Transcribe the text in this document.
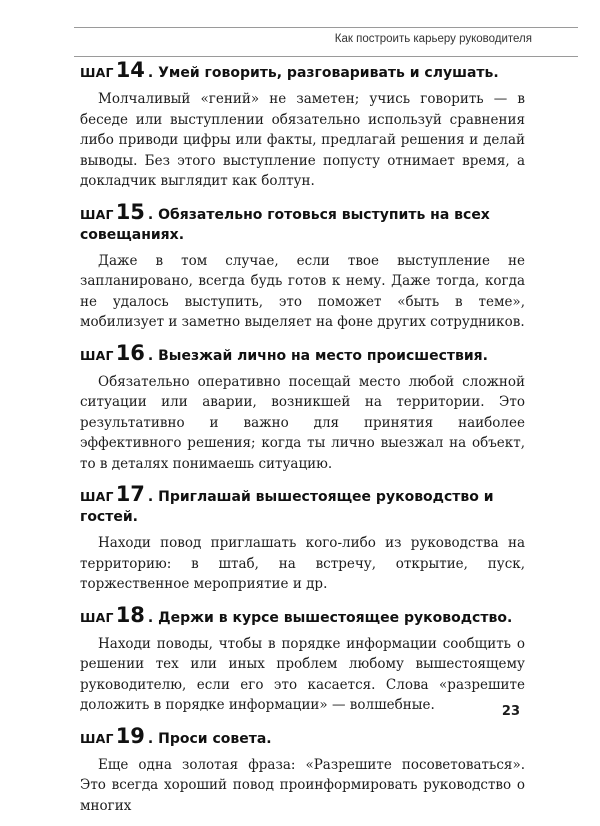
Как построить карьеру руководителя

ШАГ14 . Умей говорить, разговаривать и слушать.

Молчаливый «гений» не заметен; учись говорить — в беседе или выступлении обязательно используй сравнения либо приводи цифры или факты, предлагай решения и делай выводы. Без этого выступление попусту отнимает время, а докладчик выглядит как болтун.

ШАГ15 . Обязательно готовься выступить на всех совещаниях.

Даже в том случае, если твое выступление не запланировано, всегда будь готов к нему. Даже тогда, когда не удалось выступить, это поможет «быть в теме», мобилизует и заметно выделяет на фоне других сотрудников.

ШАГ16 . Выезжай лично на место происшествия.

Обязательно оперативно посещай место любой сложной ситуации или аварии, возникшей на территории. Это результативно и важно для принятия наиболее эффективного решения; когда ты лично выезжал на объект, то в деталях понимаешь ситуацию.

ШАГ17 . Приглашай вышестоящее руководство и гостей.

Находи повод приглашать кого-либо из руководства на территорию: в штаб, на встречу, открытие, пуск, торжественное мероприятие и др.

ШАГ18 . Держи в курсе вышестоящее руководство.

Находи поводы, чтобы в порядке информации сообщить о решении тех или иных проблем любому вышестоящему руководителю, если его это касается. Слова «разрешите доложить в порядке информации» — волшебные.

ШАГ19 . Проси совета.

Еще одна золотая фраза: «Разрешите посоветоваться». Это всегда хороший повод проинформировать руководство о многих

23
